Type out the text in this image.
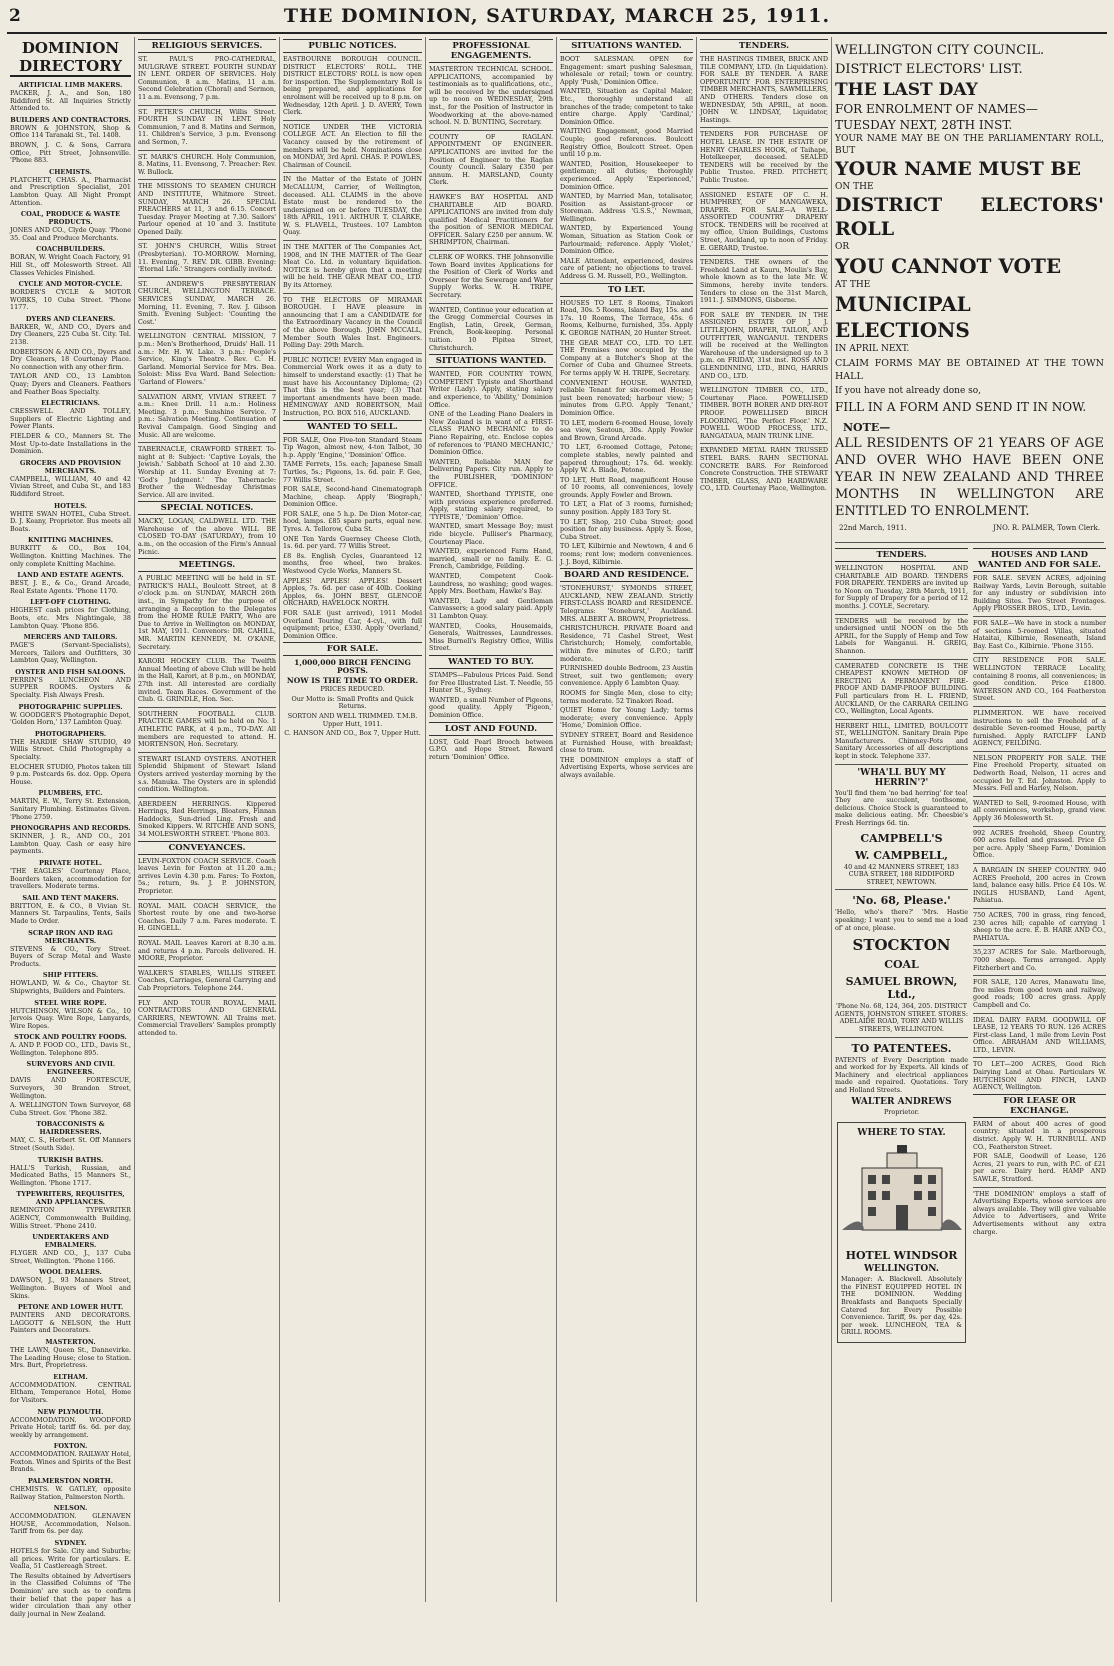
2	THE DOMINION, SATURDAY, MARCH 25, 1911.
DOMINION DIRECTORY
ARTIFICIAL LIMB MAKERS.

PACKER, J. A., and Son, 180 Riddiford St. All Inquiries Strictly Attended to.

BUILDERS AND CONTRACTORS.

BROWN & JOHNSTON, Shop & Office 114 Taranaki St., Tel. 1408.

BROWN, J. C. & Sons, Carrara Office, Pitt Street, Johnsonville. 'Phone 883.

CHEMISTS.

PLATCHETT, CHAS. A., Pharmacist and Prescription Specialist, 201 Lambton Quay. All Night Prompt Attention.

COAL, PRODUCE & WASTE PRODUCTS.

JONES AND CO., Clyde Quay. 'Phone 35. Coal and Produce Merchants.

COACHBUILDERS.

BORAN, W. Wright Coach Factory, 91 Hill St., off Molesworth Street. All Classes Vehicles Finished.

CYCLE AND MOTOR-CYCLE.

BORDER'S CYCLE & MOTOR WORKS, 10 Cuba Street. 'Phone 1177.

DYERS AND CLEANERS.

BARKER, W., AND CO., Dyers and Dry Cleaners, 225 Cuba St. City. Tel. 2138.

ROBERTSON & AND CO., Dyers and Dry Cleaners, 18 Courtenay Place. No connection with any other firm.

TAYLOR AND CO., 13 Lambton Quay; Dyers and Cleaners. Feathers and Feather Boas Specialty.

ELECTRICIANS.

CRESSWELL AND TOLLEY, Suppliers of Electric Lighting and Power Plants.

FIELDER & CO., Manners St. The Most Up-to-date Installations in the Dominion.

GROCERS AND PROVISION MERCHANTS.

CAMPBELL, WILLIAM, 40 and 42 Vivian Street, and Cuba St., and 183 Riddiford Street.

HOTELS.

WHITE SWAN HOTEL, Cuba Street. D. J. Keany, Proprietor. Bus meets all Boats.

KNITTING MACHINES.

BURKITT & CO., Box 104, Wellington. Knitting Machines. The only complete Knitting Machine.

LAND AND ESTATE AGENTS.

BEST, J. E., & Co., Grand Arcade, Real Estate Agents. 'Phone 1170.

LEFT-OFF CLOTHING.

HIGHEST cash prices for Clothing, Boots, etc. Mrs Nightingale, 38 Lambton Quay. 'Phone 856.

MERCERS AND TAILORS.

PAGE'S (Servant-Specialists), Mercers, Tailors and Outfitters, 30 Lambton Quay, Wellington.

OYSTER AND FISH SALOONS.

PERRIN'S LUNCHEON AND SUPPER ROOMS. Oysters & Specialty. Fish Always Fresh.

PHOTOGRAPHIC SUPPLIES.

W. GOODGER'S Photographic Depot, 'Golden Horn,' 137 Lambton Quay.

PHOTOGRAPHERS.

THE HARDIE SHAW STUDIO, 49 Willis Street. Child Photography a Specialty.

ELOCHER STUDIO, Photos taken till 9 p.m. Postcards 6s. doz. Opp. Opera House.

PLUMBERS, ETC.

MARTIN, E. W., Terry St. Extension, Sanitary Plumbing. Estimates Given. 'Phone 2759.

PHONOGRAPHS AND RECORDS.

SKINNER, J. R., AND CO., 201 Lambton Quay. Cash or easy hire payments.

PRIVATE HOTEL.

'THE EAGLES' Courtenay Place, Boarders taken, accommodation for travellers. Moderate terms.

SAIL AND TENT MAKERS.

BRITTON, E. & CO., 8 Vivian St. Manners St. Tarpaulins, Tents, Sails Made to Order.

SCRAP IRON AND RAG MERCHANTS.

STEVENS & CO., Tory Street. Buyers of Scrap Metal and Waste Products.

SHIP FITTERS.

HOWLAND, W. & Co., Chaytor St. Shipwrights, Builders and Painters.

STEEL WIRE ROPE.

HUTCHINSON, WILSON & Co., 10 Jervois Quay. Wire Rope, Lanyards, Wire Ropes.

STOCK AND POULTRY FOODS.

A. AND P. FOOD CO., LTD., Davis St., Wellington. Telephone 895.

SURVEYORS AND CIVIL ENGINEERS.

DAVIS AND FORTESCUE, Surveyors, 30 Brandon Street, Wellington.

A. WELLINGTON Town Surveyor, 68 Cuba Street. Gov. 'Phone 382.

TOBACCONISTS & HAIRDRESSERS.

MAY, C. S., Herbert St. Off Manners Street (South Side).

TURKISH BATHS.

HALL'S Turkish, Russian, and Medicated Baths, 15 Manners St., Wellington. 'Phone 1717.

TYPEWRITERS, REQUISITES, AND APPLIANCES.

REMINGTON TYPEWRITER AGENCY, Commonwealth Building, Willis Street. 'Phone 2410.

UNDERTAKERS AND EMBALMERS.

FLYGER AND CO., J., 137 Cuba Street, Wellington. 'Phone 1166.

WOOL DEALERS.

DAWSON, J., 93 Manners Street, Wellington. Buyers of Wool and Skins.

PETONE AND LOWER HUTT.

PAINTERS AND DECORATORS. LAGGOTT & NELSON, the Hutt Painters and Decorators.

MASTERTON.

THE LAWN, Queen St., Dannevirke. The Leading House; close to Station. Mrs. Burt, Proprietress.

ELTHAM.

ACCOMMODATION. CENTRAL Eltham, Temperance Hotel, Home for Visitors.

NEW PLYMOUTH.

ACCOMMODATION. WOODFORD Private Hotel; tariff 6s. 6d. per day, weekly by arrangement.

FOXTON.

ACCOMMODATION. RAILWAY Hotel, Foxton. Wines and Spirits of the Best Brands.

PALMERSTON NORTH.

CHEMISTS. W. GATLEY, opposite Railway Station, Palmerston North.

NELSON.

ACCOMMODATION. GLENAVEN HOUSE, Accommodation, Nelson. Tariff from 6s. per day.

SYDNEY.

HOTELS for Sale. City and Suburbs; all prices. Write for particulars. E. Vealla, 51 Castlereagh Street.

The Results obtained by Advertisers in the Classified Columns of 'The Dominion' are such as to confirm their belief that the paper has a wider circulation than any other daily journal in New Zealand.

RELIGIOUS SERVICES.

ST. PAUL'S PRO-CATHEDRAL, MULGRAVE STREET. FOURTH SUNDAY IN LENT. ORDER OF SERVICES. Holy Communion, 8 a.m. Matins, 11 a.m. Second Celebration (Choral) and Sermon, 11 a.m. Evensong, 7 p.m.

ST. PETER'S CHURCH, Willis Street. FOURTH SUNDAY IN LENT. Holy Communion, 7 and 8. Matins and Sermon, 11. Children's Service, 3 p.m. Evensong and Sermon, 7.

ST. MARK'S CHURCH. Holy Communion, 8. Matins, 11. Evensong, 7. Preacher: Rev. W. Bullock.

THE MISSIONS TO SEAMEN CHURCH AND INSTITUTE, Whitmore Street. SUNDAY, MARCH 26. SPECIAL PREACHERS at 11, 3 and 6.15. Concert Tuesday. Prayer Meeting at 7.30. Sailors' Parlour opened at 10 and 3. Institute Opened Daily.

ST. JOHN'S CHURCH, Willis Street (Presbyterian). TO-MORROW. Morning, 11. Evening, 7. REV. DR. GIBB. Evening: 'Eternal Life.' Strangers cordially invited.

ST. ANDREW'S PRESBYTERIAN CHURCH, WELLINGTON TERRACE. SERVICES SUNDAY, MARCH 26. Morning, 11. Evening, 7. Rev. J. Gibson Smith. Evening Subject: 'Counting the Cost.'

WELLINGTON CENTRAL MISSION, 7 p.m.: Men's Brotherhood, Druids' Hall. 11 a.m.: Mr. H. W. Lake. 3 p.m.: People's Service, King's Theatre. Rev. C. H. Garland. Memorial Service for Mrs. Bea. Soloist: Miss Eva Ward. Band Selection: 'Garland of Flowers.'

SALVATION ARMY, VIVIAN STREET. 7 a.m.: Knee Drill. 11 a.m.: Holiness Meeting. 3 p.m.: Sunshine Service. 7 p.m.: Salvation Meeting. Continuation of Revival Campaign. Good Singing and Music. All are welcome.

TABERNACLE, CRAWFORD STREET. To-night at 8: Subject: 'Captive Loyals, the Jewish.' Sabbath School at 10 and 2.30. Worship at 11. Sunday Evening at 7: 'God's Judgment.' The Tabernacle: Brother the Wednesday Christmas Service. All are invited.

SPECIAL NOTICES.

MACKY, LOGAN, CALDWELL LTD. THE Warehouse of the above WILL BE CLOSED TO-DAY (SATURDAY), from 10 a.m., on the occasion of the Firm's Annual Picnic.

MEETINGS.

A PUBLIC MEETING will be held in ST. PATRICK'S HALL, Boulcott Street, at 8 o'clock p.m. on SUNDAY, MARCH 26th inst., in Sympathy for the purpose of arranging a Reception to the Delegates from the HOME RULE PARTY, Who are Due to Arrive in Wellington on MONDAY, 1st MAY, 1911. Convenors: DR. CAHILL, MR. MARTIN KENNEDY, M. O'KANE, Secretary.

KARORI HOCKEY CLUB. The Twelfth Annual Meeting of above Club will be held in the Hall, Karori, at 8 p.m., on MONDAY, 27th inst. All interested are cordially invited. Team Races. Government of the Club. G. GRINDLE, Hon. Sec.

SOUTHERN FOOTBALL CLUB. PRACTICE GAMES will be held on No. 1 ATHLETIC PARK, at 4 p.m., TO-DAY. All members are requested to attend. H. MORTENSON, Hon. Secretary.

STEWART ISLAND OYSTERS. ANOTHER Splendid Shipment of Stewart Island Oysters arrived yesterday morning by the s.s. Manuka. The Oysters are in splendid condition. Wellington.

ABERDEEN HERRINGS. Kippered Herrings, Red Herrings, Bloaters, Finnan Haddocks, Sun-dried Ling. Fresh and Smoked Kippers. W. RITCHIE AND SONS, 34 MOLESWORTH STREET. 'Phone 803.

CONVEYANCES.

LEVIN-FOXTON COACH SERVICE. Coach leaves Levin for Foxton at 11.20 a.m.; arrives Levin 4.30 p.m. Fares: To Foxton, 5s.; return, 9s. J. P. JOHNSTON, Proprietor.

ROYAL MAIL COACH SERVICE, the Shortest route by one and two-horse Coaches. Daily 7 a.m. Fares moderate. T. H. GINGELL.

ROYAL MAIL Leaves Karori at 8.30 a.m. and returns 4 p.m. Parcels delivered. H. MOORE, Proprietor.

WALKER'S STABLES, WILLIS STREET. Coaches, Carriages, General Carrying and Cab Proprietors. Telephone 244.

FLY AND TOUR ROYAL MAIL CONTRACTORS AND GENERAL CARRIERS, NEWTOWN. All Trains met. Commercial Travellers' Samples promptly attended to.

PUBLIC NOTICES.

EASTBOURNE BOROUGH COUNCIL. DISTRICT ELECTORS' ROLL. THE DISTRICT ELECTORS' ROLL is now open for inspection. The Supplementary Roll is being prepared, and applications for enrolment will be received up to 8 p.m. on Wednesday, 12th April. J. D. AVERY, Town Clerk.

NOTICE UNDER THE VICTORIA COLLEGE ACT. An Election to fill the Vacancy caused by the retirement of members will be held. Nominations close on MONDAY, 3rd April. CHAS. P. POWLES, Chairman of Council.

IN the Matter of the Estate of JOHN McCALLUM, Carrier, of Wellington, deceased. ALL CLAIMS in the above Estate must be rendered to the undersigned on or before TUESDAY, the 18th APRIL, 1911. ARTHUR T. CLARKE, W. S. FLAVELL, Trustees. 107 Lambton Quay.

IN THE MATTER of The Companies Act, 1908, and IN THE MATTER of The Gear Meat Co. Ltd. in voluntary liquidation. NOTICE is hereby given that a meeting will be held. THE GEAR MEAT CO., LTD. By its Attorney.

TO THE ELECTORS OF MIRAMAR BOROUGH. I HAVE pleasure in announcing that I am a CANDIDATE for the Extraordinary Vacancy in the Council of the above Borough. JOHN MCCALL, Member South Wales Inst. Engineers. Polling Day: 29th March.

PUBLIC NOTICE! EVERY Man engaged in Commercial Work owes it as a duty to himself to understand exactly: (1) That he must have his Accountancy Diploma; (2) That this is the best year; (3) That important amendments have been made. HEMINGWAY AND ROBERTSON, Mail Instruction, P.O. BOX 516, AUCKLAND.

WANTED TO SELL.

FOR SALE, One Five-ton Standard Steam Tip Wagon, almost new, 4-ton Talbot, 30 h.p. Apply 'Engine,' 'Dominion' Office.

TAME Ferrets, 15s. each; Japanese Small Turtles, 5s.; Pigeons, 1s. 6d. pair. F. Gee, 77 Willis Street.

FOR SALE, Second-hand Cinematograph Machine, cheap. Apply 'Biograph,' Dominion Office.

FOR SALE, one 5 h.p. De Dion Motor-car, hood, lamps. £85 spare parts, equal new. Tyres. A. Tellorow, Cuba St.

ONE Ten Yards Guernsey Cheese Cloth, 1s. 6d. per yard. 77 Willis Street.

£8 8s. English Cycles, Guaranteed 12 months, free wheel, two brakes. Westwood Cycle Works, Manners St.

APPLES! APPLES! APPLES! Dessert Apples, 7s. 6d. per case of 40lb. Cooking Apples, 6s. JOHN BEST, GLENCOE ORCHARD, HAVELOCK NORTH.

FOR SALE (just arrived), 1911 Model Overland Touring Car, 4-cyl., with full equipment; price, £330. Apply 'Overland,' Dominion Office.

FOR SALE.

1,000,000 BIRCH FENCING POSTS.

NOW IS THE TIME TO ORDER.

PRICES REDUCED.

Our Motto is: Small Profits and Quick Returns.

SORTON AND WELL TRIMMED. T.M.B. Upper Hutt, 1911.

C. HANSON AND CO., Box 7, Upper Hutt.

PROFESSIONAL ENGAGEMENTS.

MASTERTON TECHNICAL SCHOOL. APPLICATIONS, accompanied by testimonials as to qualifications, etc., will be received by the undersigned up to noon on WEDNESDAY, 29th inst., for the Position of Instructor in Woodworking at the above-named school. N. D. BUNTING, Secretary.

COUNTY OF RAGLAN. APPOINTMENT OF ENGINEER. APPLICATIONS are invited for the Position of Engineer to the Raglan County Council. Salary £350 per annum. H. MARSLAND, County Clerk.

HAWKE'S BAY HOSPITAL AND CHARITABLE AID BOARD. APPLICATIONS are invited from duly qualified Medical Practitioners for the position of SENIOR MEDICAL OFFICER. Salary £250 per annum. W. SHRIMPTON, Chairman.

CLERK OF WORKS. THE Johnsonville Town Board invites Applications for the Position of Clerk of Works and Overseer for the Sewerage and Water Supply Works. W. H. TRIPE, Secretary.

WANTED, Continue your education at the Gregg Commercial Courses in English, Latin, Greek, German, French, Book-keeping. Personal tuition. 10 Pipitea Street, Christchurch.

SITUATIONS WANTED.

WANTED, FOR COUNTRY TOWN, COMPETENT Typiste and Shorthand Writer (Lady). Apply, stating salary and experience, to 'Ability,' Dominion Office.

ONE of the Leading Piano Dealers in New Zealand is in want of a FIRST-CLASS PIANO MECHANIC to do Piano Repairing, etc. Enclose copies of references to 'PIANO MECHANIC,' Dominion Office.

WANTED, Reliable MAN for Delivering Papers. City run. Apply to the PUBLISHER, 'DOMINION' OFFICE.

WANTED, Shorthand TYPISTE, one with previous experience preferred. Apply, stating salary required, to 'TYPISTE,' 'Dominion' Office.

WANTED, smart Message Boy; must ride bicycle. Pulliser's Pharmacy, Courtenay Place.

WANTED, experienced Farm Hand, married, small or no family. E. G. French, Cambridge, Feilding.

WANTED, Competent Cook-Laundress, no washing; good wages. Apply Mrs. Beetham, Hawke's Bay.

WANTED, Lady and Gentleman Canvassers; a good salary paid. Apply 31 Lambton Quay.

WANTED, Cooks, Housemaids, Generals, Waitresses, Laundresses. Miss Burnell's Registry Office, Willis Street.

WANTED TO BUY.

STAMPS—Fabulous Prices Paid. Send for Free Illustrated List. T. Needle, 55 Hunter St., Sydney.

WANTED, a small Number of Pigeons, good quality. Apply 'Pigeon,' Dominion Office.

LOST AND FOUND.

LOST, Gold Pearl Brooch between G.P.O. and Hope Street. Reward return 'Dominion' Office.

SITUATIONS WANTED.

BOOT SALESMAN. OPEN for Engagement: smart pushing Salesman, wholesale or retail; town or country. Apply 'Push,' Dominion Office.

WANTED, Situation as Capital Maker, Etc., thoroughly understand all branches of the trade; competent to take entire charge. Apply 'Cardinal,' Dominion Office.

WAITING Engagement, good Married Couple; good references. Boulcott Registry Office, Boulcott Street. Open until 10 p.m.

WANTED, Position, Housekeeper to gentleman; all duties; thoroughly experienced. Apply 'Experienced,' Dominion Office.

WANTED, by Married Man, totalisator, Position as Assistant-grocer or Storeman. Address 'G.S.S.,' Newman, Wellington.

WANTED, by Experienced Young Woman, Situation as Station Cook or Parlourmaid; reference. Apply 'Violet,' Dominion Office.

MALE Attendant, experienced, desires care of patient; no objections to travel. Address G. M. Russell, P.O., Wellington.

TO LET.

HOUSES TO LET. 8 Rooms, Tinakori Road, 30s. 5 Rooms, Island Bay, 15s. and 17s. 10 Rooms, The Terrace, 45s. 6 Rooms, Kelburne, furnished, 35s. Apply K. GEORGE NATHAN, 20 Hunter Street.

THE GEAR MEAT CO., LTD. TO LET. THE Premises now occupied by the Company at a Butcher's Shop at the Corner of Cuba and Ghuznee Streets. For terms apply W. H. TRIPE, Secretary.

CONVENIENT HOUSE. WANTED, reliable Tenant for six-roomed House; just been renovated; harbour view; 5 minutes from G.P.O. Apply 'Tenant,' Dominion Office.

TO LET, modern 6-roomed House, lovely sea view, Seatoun, 30s. Apply Fowler and Brown, Grand Arcade.

TO LET, 6-roomed Cottage, Petone; complete stables, newly painted and papered throughout; 17s. 6d. weekly. Apply W. A. Blade, Petone.

TO LET, Hutt Road, magnificent House of 10 rooms, all conveniences, lovely grounds. Apply Fowler and Brown.

TO LET, a Flat of 3 rooms, furnished; sunny position. Apply 183 Tory St.

TO LET, Shop, 210 Cuba Street; good position for any business. Apply S. Rose, Cuba Street.

TO LET, Kilbirnie and Newtown, 4 and 6 rooms; rent low; modern conveniences. J. J. Boyd, Kilbirnie.

BOARD AND RESIDENCE.

'STONEHURST,' SYMONDS STREET, AUCKLAND, NEW ZEALAND. Strictly FIRST-CLASS BOARD and RESIDENCE. Telegrams: 'Stonehurst,' Auckland. MRS. ALBERT A. BROWN, Proprietress.

CHRISTCHURCH. PRIVATE Board and Residence, 71 Cashel Street, West Christchurch; Homely, comfortable, within five minutes of G.P.O.; tariff moderate.

FURNISHED double Bedroom, 23 Austin Street, suit two gentlemen; every convenience. Apply 6 Lambton Quay.

ROOMS for Single Men, close to city; terms moderate. 52 Tinakori Road.

QUIET Home for Young Lady; terms moderate; every convenience. Apply 'Home,' Dominion Office.

SYDNEY STREET, Board and Residence at Furnished House, with breakfast; close to tram.

THE DOMINION employs a staff of Advertising Experts, whose services are always available.

TENDERS.

THE HASTINGS TIMBER, BRICK AND TILE COMPANY, LTD. (In Liquidation). FOR SALE BY TENDER. A RARE OPPORTUNITY FOR ENTERPRISING TIMBER MERCHANTS, SAWMILLERS, AND OTHERS. Tenders close on WEDNESDAY, 5th APRIL, at noon. JOHN W. LINDSAY, Liquidator, Hastings.

TENDERS FOR PURCHASE OF HOTEL LEASE. IN THE ESTATE OF HENRY CHARLES HOOK, of Taihape, Hotelkeeper, deceased. SEALED TENDERS will be received by the Public Trustee. FRED. PITCHETT, Public Trustee.

ASSIGNED ESTATE OF C. H. HUMPHREY, OF MANGAWEKA, DRAPER. FOR SALE—A WELL-ASSORTED COUNTRY DRAPERY STOCK. TENDERS will be received at my office, Union Buildings, Customs Street, Auckland, up to noon of Friday. E. GERARD, Trustee.

TENDERS. THE owners of the Freehold Land at Kauru, Moulin's Bay, whole known as to the late Mr. W. Simmons, hereby invite tenders. Tenders to close on the 31st March, 1911. J. SIMMONS, Gisborne.

FOR SALE BY TENDER. IN THE ASSIGNED ESTATE OF J. J. LITTLEJOHN, DRAPER, TAILOR, AND OUTFITTER, WANGANUI. TENDERS will be received at the Wellington Warehouse of the undersigned up to 3 p.m. on FRIDAY, 31st inst. ROSS AND GLENDINNING, LTD., BING, HARRIS AND CO., LTD.

WELLINGTON TIMBER CO., LTD., Courtenay Place. POWELLISED TIMBER. BOTH BORER AND DRY-ROT PROOF. POWELLISED BIRCH FLOORING, 'The Perfect Floor.' N.Z. POWELL WOOD PROCESS, LTD., RANGATAUA, MAIN TRUNK LINE.

EXPANDED METAL RAHN TRUSSED STEEL BARS. RAHN SECTIONAL CONCRETE BARS. For Reinforced Concrete Construction. THE STEWART TIMBER, GLASS, AND HARDWARE CO., LTD. Courtenay Place, Wellington.

WELLINGTON CITY COUNCIL.

DISTRICT ELECTORS' LIST.

THE LAST DAY

FOR ENROLMENT OF NAMES—

TUESDAY NEXT, 28TH INST.

YOUR NAME MAY BE ON THE PARLIAMENTARY ROLL, BUT

YOUR NAME MUST BE

ON THE

DISTRICT ELECTORS' ROLL

OR

YOU CANNOT VOTE

AT THE

MUNICIPAL ELECTIONS

IN APRIL NEXT.

CLAIM FORMS MAY BE OBTAINED AT THE TOWN HALL

If you have not already done so,

FILL IN A FORM AND SEND IT IN NOW.

NOTE—

ALL RESIDENTS OF 21 YEARS OF AGE AND OVER WHO HAVE BEEN ONE YEAR IN NEW ZEALAND AND THREE MONTHS IN WELLINGTON ARE ENTITLED TO ENROLMENT.

22nd March, 1911.	JNO. R. PALMER, Town Clerk.
TENDERS.

WELLINGTON HOSPITAL AND CHARITABLE AID BOARD. TENDERS FOR DRAPERY. TENDERS are invited up to Noon on Tuesday, 28th March, 1911, for Supply of Drapery for a period of 12 months. J. COYLE, Secretary.

TENDERS will be received by the undersigned until NOON on the 5th APRIL, for the Supply of Hemp and Tow Labels for Wanganui. H. GREIG, Shannon.

CAMERATED CONCRETE IS THE CHEAPEST KNOWN METHOD OF ERECTING A PERMANENT FIRE-PROOF AND DAMP-PROOF BUILDING. Full particulars from H. L. FRIEND, AUCKLAND, Or the CARRARA CEILING CO., Wellington, Local Agents.

HERBERT HILL, LIMITED, BOULCOTT ST., WELLINGTON. Sanitary Drain Pipe Manufacturers. Chimney-Pots and Sanitary Accessories of all descriptions kept in stock. Telephone 337.

'WHA'LL BUY MY HERRIN'?'

You'll find them 'no bad herring' for tea! They are succulent, toothsome, delicious. Choice Stock is guaranteed to make delicious eating. Mr. Cheesbie's Fresh Herrings 6d. tin.

CAMPBELL'S
W. CAMPBELL,

40 and 42 MANNERS STREET, 183 CUBA STREET, 188 RIDDIFORD STREET, NEWTOWN.

'No. 68, Please.'

'Hello, who's there?' 'Mrs. Hastie speaking; I want you to send me a load of' at once, please.

STOCKTON
COAL
SAMUEL BROWN, Ltd.,

'Phone No. 68, 124, 364, 205. DISTRICT AGENTS, JOHNSTON STREET. STORES: ADELAIDE ROAD, TORY AND WILLIS STREETS, WELLINGTON.

TO PATENTEES.

PATENTS of Every Description made and worked for by Experts. All kinds of Machinery and electrical appliances made and repaired. Quotations. Tory and Holland Streets.

WALTER ANDREWS

Proprietor.

WHERE TO STAY.
HOTEL WINDSOR
WELLINGTON.

Manager: A. Blackwell. Absolutely the FINEST EQUIPPED HOTEL IN THE DOMINION. Wedding Breakfasts and Banquets Specially Catered for. Every Possible Convenience. Tariff, 9s. per day, 42s. per week. LUNCHEON, TEA & GRILL ROOMS.

HOUSES AND LAND WANTED AND FOR SALE.

FOR SALE. SEVEN ACRES, adjoining Railway Yards, Levin Borough, suitable for any industry or subdivision into Building Sites. Two Street Frontages. Apply PROSSER BROS., LTD., Levin.

FOR SALE—We have in stock a number of sections 5-roomed Villas, situated Hataitai, Kilbirnie, Roseneath, Island Bay. East Co., Kilbirnie. 'Phone 3155.

CITY RESIDENCE FOR SALE. WELLINGTON TERRACE Locality, containing 8 rooms, all conveniences; in good condition. Price £1800. WATERSON AND CO., 164 Featherston Street.

PLIMMERTON. WE have received instructions to sell the Freehold of a desirable Seven-roomed House, partly furnished. Apply RATCLIFF LAND AGENCY, FEILDING.

NELSON PROPERTY FOR SALE. THE Fine Freehold Property, situated on Dedworth Road, Nelson, 11 acres and occupied by T. Ed. Johnston. Apply to Messrs. Fell and Harley, Nelson.

WANTED to Sell, 9-roomed House, with all conveniences, workshop, grand view. Apply 36 Molesworth St.

992 ACRES freehold, Sheep Country, 600 acres felled and grassed. Price £5 per acre. Apply 'Sheep Farm,' Dominion Office.

A BARGAIN IN SHEEP COUNTRY. 940 ACRES Freehold, 200 acres in Crown land, balance easy hills. Price £4 10s. W. INGLIS HUSBAND, Land Agent, Pahiatua.

750 ACRES, 700 in grass, ring fenced, 230 acres hill; capable of carrying 1 sheep to the acre. E. B. HARE AND CO., PAHIATUA.

35,237 ACRES for Sale. Marlborough, 7000 sheep. Terms arranged. Apply Fitzherbert and Co.

FOR SALE, 120 Acres, Manawatu line, five miles from good town and railway, good roads; 100 acres grass. Apply Campbell and Co.

IDEAL DAIRY FARM. GOODWILL OF LEASE, 12 YEARS TO RUN. 126 ACRES First-class Land, 1 mile from Levin Post Office. ABRAHAM AND WILLIAMS, LTD., LEVIN.

TO LET—200 ACRES, Good Rich Dairying Land at Ohau. Particulars W. HUTCHISON AND FINCH, LAND AGENCY, Wellington.

FOR LEASE OR EXCHANGE.

FARM of about 400 acres of good country; situated in a prosperous district. Apply W. H. TURNBULL AND CO., Featherston Street.

FOR SALE, Goodwill of Lease, 126 Acres, 21 years to run, with P.C. of £21 per acre. Dairy herd. HAMP AND SAWLE, Stratford.

'THE DOMINION' employs a staff of Advertising Experts, whose services are always available. They will give valuable Advice to Advertisers, and Write Advertisements without any extra charge.
